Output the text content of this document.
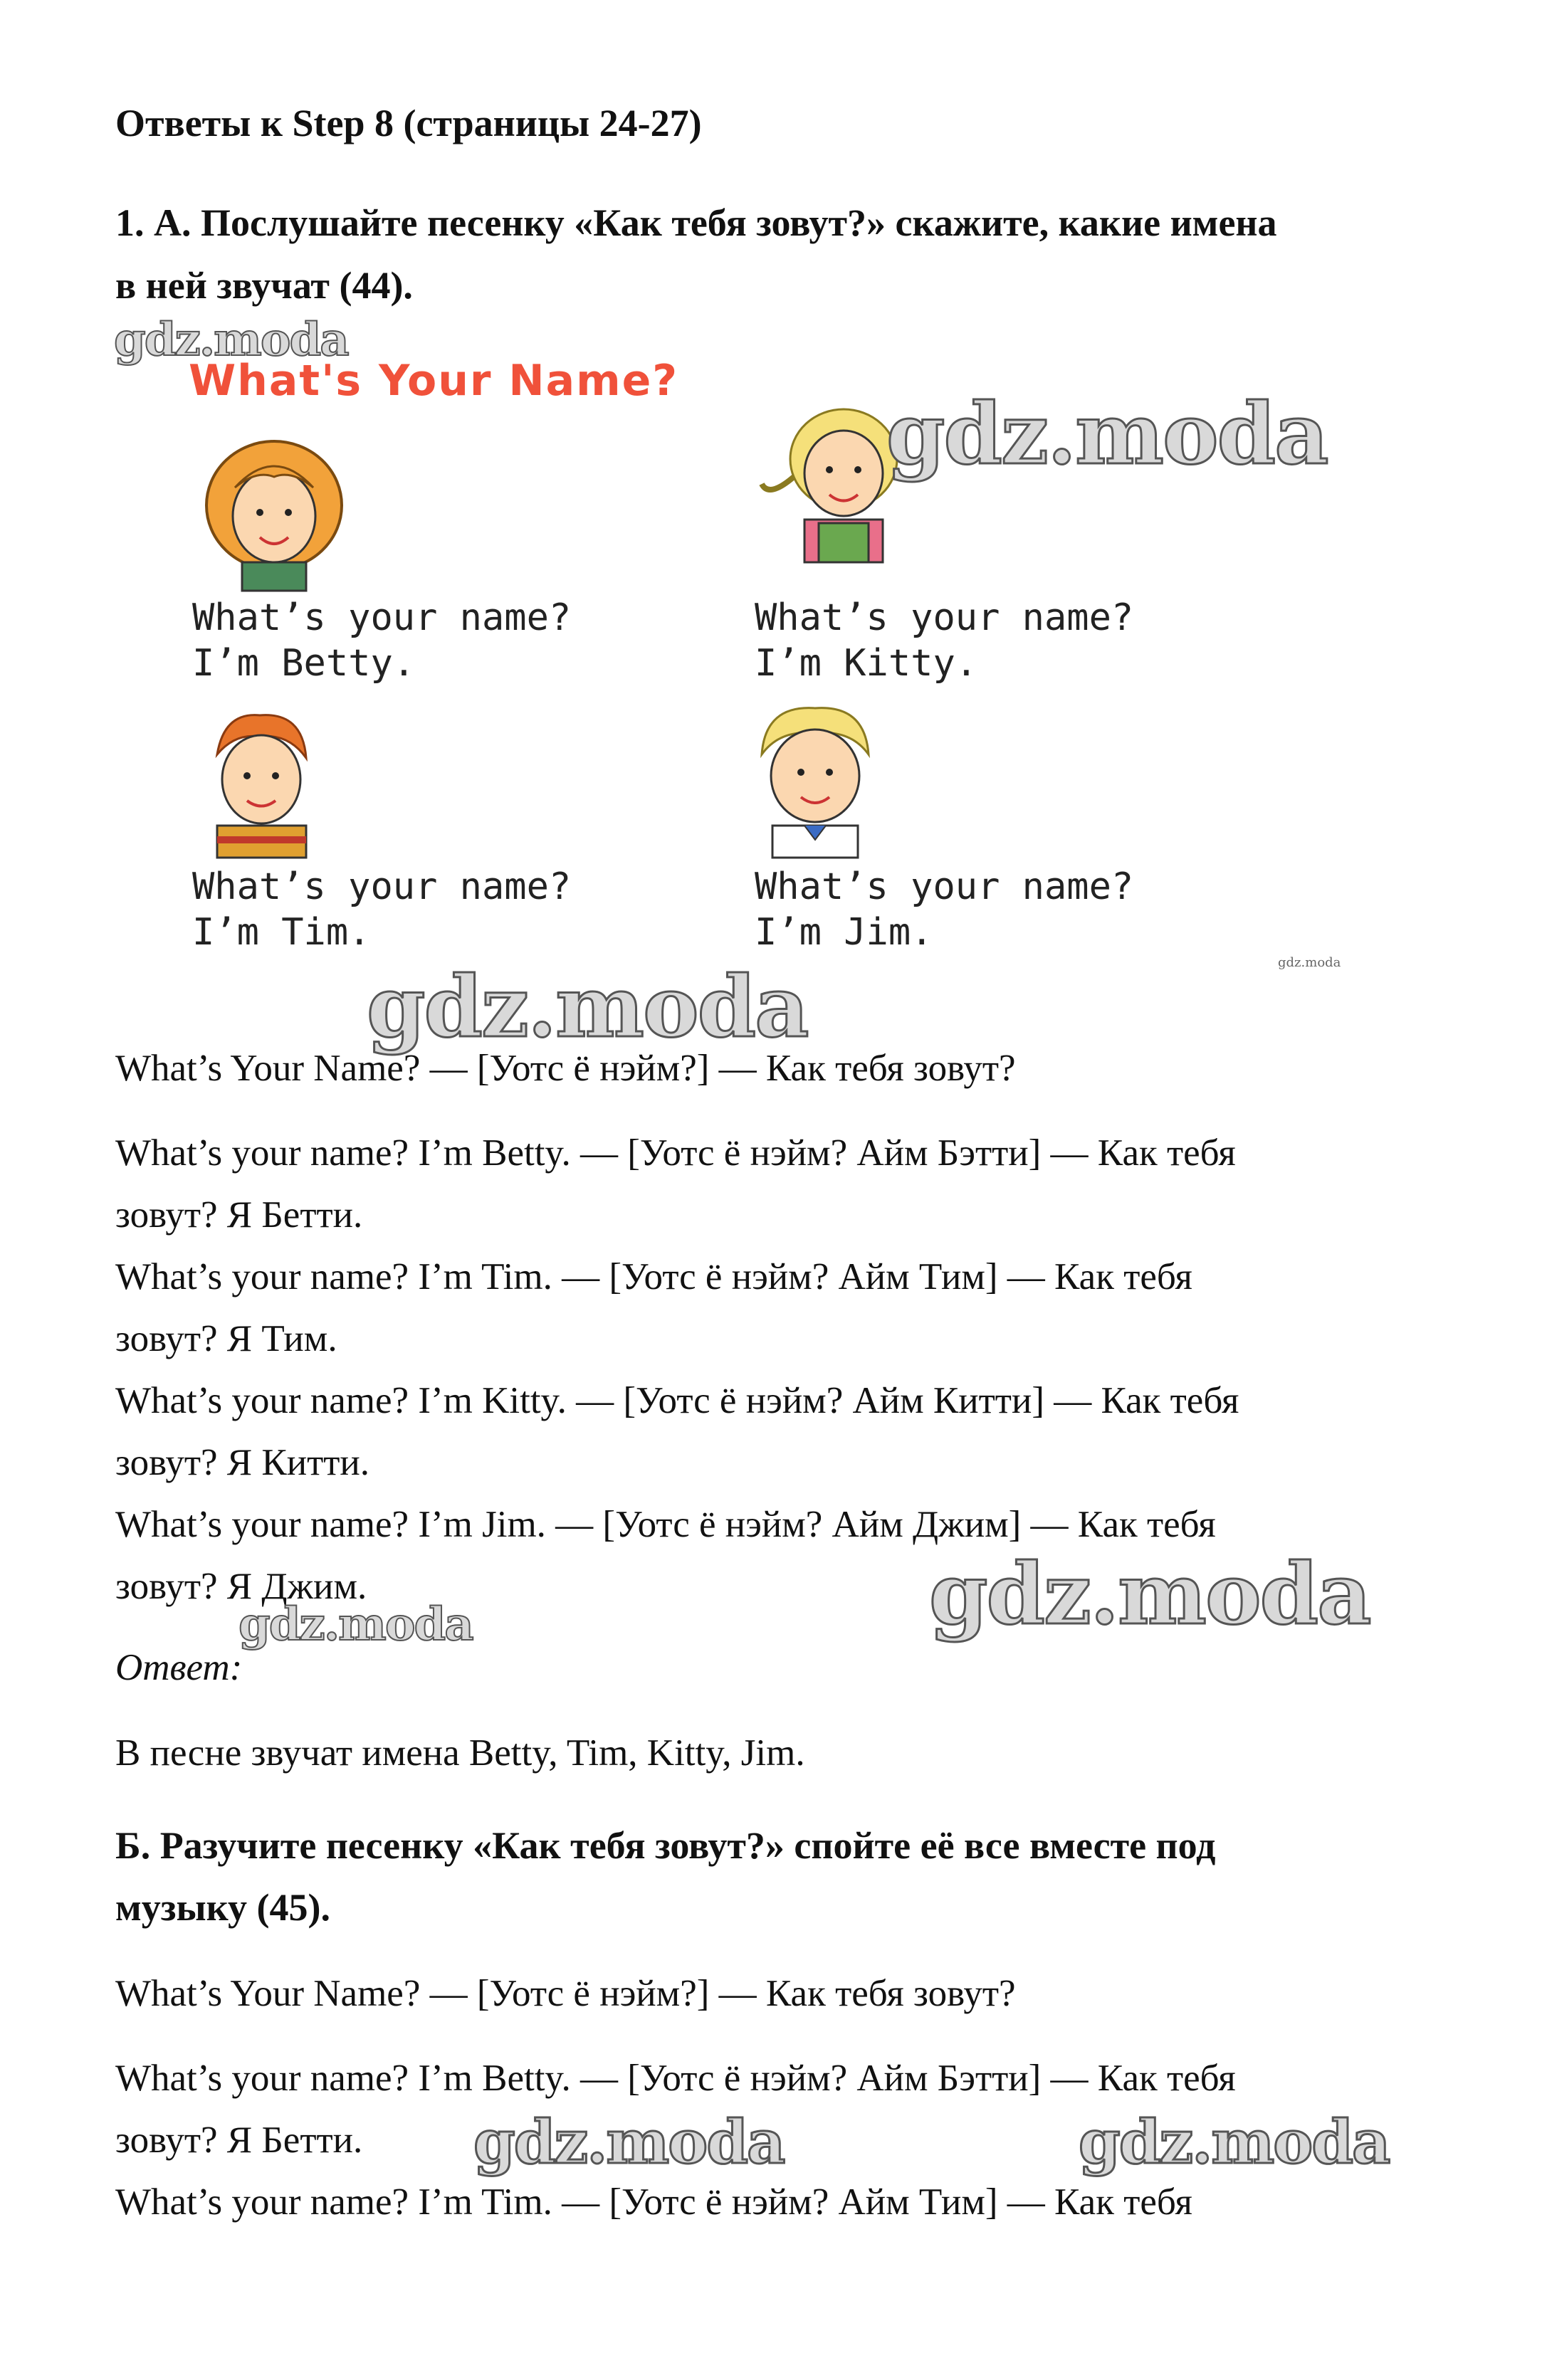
Ответы к Step 8 (страницы 24-27)
1. А. Послушайте песенку «Как тебя зовут?» скажите, какие имена
в ней звучат (44).
gdz.moda
What's Your Name?
gdz.moda
What’s your name?
I’m Betty.
What’s your name?
I’m Kitty.
What’s your name?
I’m Tim.
What’s your name?
I’m Jim.
gdz.moda
gdz.moda
What’s Your Name? — [Уотс ё нэйм?] — Как тебя зовут?
What’s your name? I’m Betty. — [Уотс ё нэйм? Айм Бэтти] — Как тебя
зовут? Я Бетти.
What’s your name? I’m Tim. — [Уотс ё нэйм? Айм Тим] — Как тебя
зовут? Я Тим.
What’s your name? I’m Kitty. — [Уотс ё нэйм? Айм Китти] — Как тебя
зовут? Я Китти.
What’s your name? I’m Jim. — [Уотс ё нэйм? Айм Джим] — Как тебя
зовут? Я Джим.	gdz.moda
gdz.moda
Ответ:
В песне звучат имена Betty, Tim, Kitty, Jim.
Б. Разучите песенку «Как тебя зовут?» спойте её все вместе под
музыку (45).
What’s Your Name? — [Уотс ё нэйм?] — Как тебя зовут?
What’s your name? I’m Betty. — [Уотс ё нэйм? Айм Бэтти] — Как тебя
зовут? Я Бетти.
What’s your name? I’m Tim. — [Уотс ё нэйм? Айм Тим] — Как тебя
gdz.moda	gdz.moda
